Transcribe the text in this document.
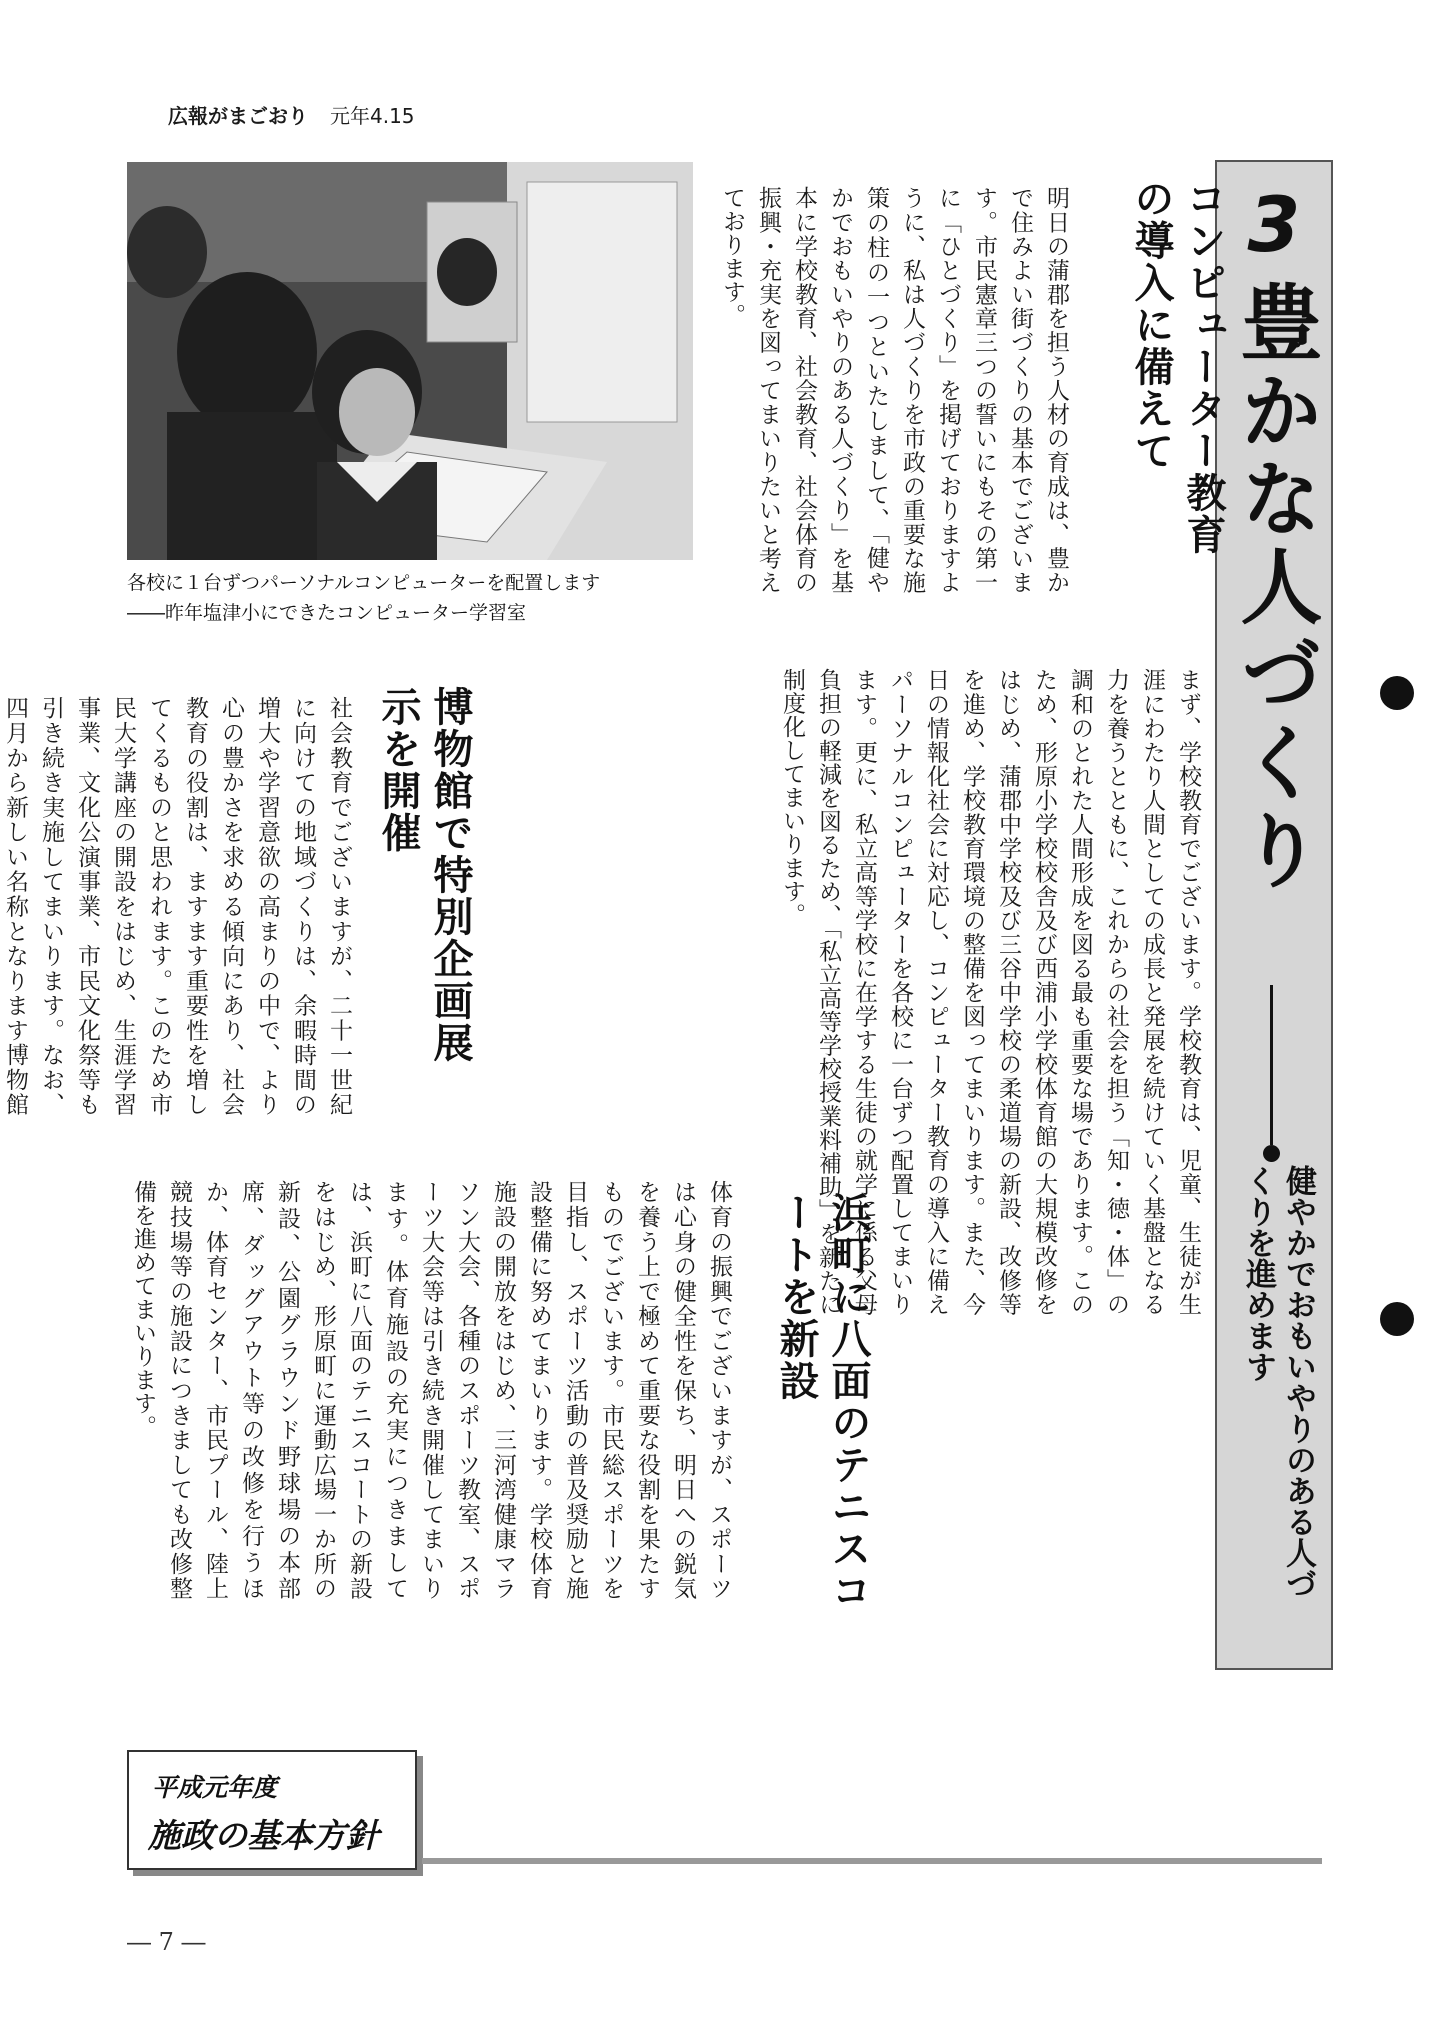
広報がまごおり 元年4.15
3
豊かな人づくり
健やかでおもいやりのある人づくりを進めます
各校に１台ずつパーソナルコンピューターを配置します
――昨年塩津小にできたコンピューター学習室
コンピューター教育の導入に備えて
明日の蒲郡を担う人材の育成は、豊かで住みよい街づくりの基本でございます。市民憲章三つの誓いにもその第一に「ひとづくり」を掲げておりますように、私は人づくりを市政の重要な施策の柱の一つといたしまして、「健やかでおもいやりのある人づくり」を基本に学校教育、社会教育、社会体育の振興・充実を図ってまいりたいと考えております。
まず、学校教育でございます。学校教育は、児童、生徒が生涯にわたり人間としての成長と発展を続けていく基盤となる力を養うとともに、これからの社会を担う「知・徳・体」の調和のとれた人間形成を図る最も重要な場であります。このため、形原小学校校舎及び西浦小学校体育館の大規模改修をはじめ、蒲郡中学校及び三谷中学校の柔道場の新設、改修等を進め、学校教育環境の整備を図ってまいります。また、今日の情報化社会に対応し、コンピューター教育の導入に備えパーソナルコンピューターを各校に一台ずつ配置してまいります。更に、私立高等学校に在学する生徒の就学に係る父母負担の軽減を図るため、「私立高等学校授業料補助」を新たに制度化してまいります。
博物館で特別企画展示を開催
社会教育でございますが、二十一世紀に向けての地域づくりは、余暇時間の増大や学習意欲の高まりの中で、より心の豊かさを求める傾向にあり、社会教育の役割は、ますます重要性を増してくるものと思われます。このため市民大学講座の開設をはじめ、生涯学習事業、文化公演事業、市民文化祭等も引き続き実施してまいります。なお、四月から新しい名称となります博物館
浜町に八面のテニスコートを新設
体育の振興でございますが、スポーツは心身の健全性を保ち、明日への鋭気を養う上で極めて重要な役割を果たすものでございます。市民総スポーツを目指し、スポーツ活動の普及奨励と施設整備に努めてまいります。学校体育施設の開放をはじめ、三河湾健康マラソン大会、各種のスポーツ教室、スポーツ大会等は引き続き開催してまいります。体育施設の充実につきましては、浜町に八面のテニスコートの新設をはじめ、形原町に運動広場一か所の新設、公園グラウンド野球場の本部席、ダッグアウト等の改修を行うほか、体育センター、市民プール、陸上競技場等の施設につきましても改修整備を進めてまいります。
平成元年度
施政の基本方針
― 7 ―
